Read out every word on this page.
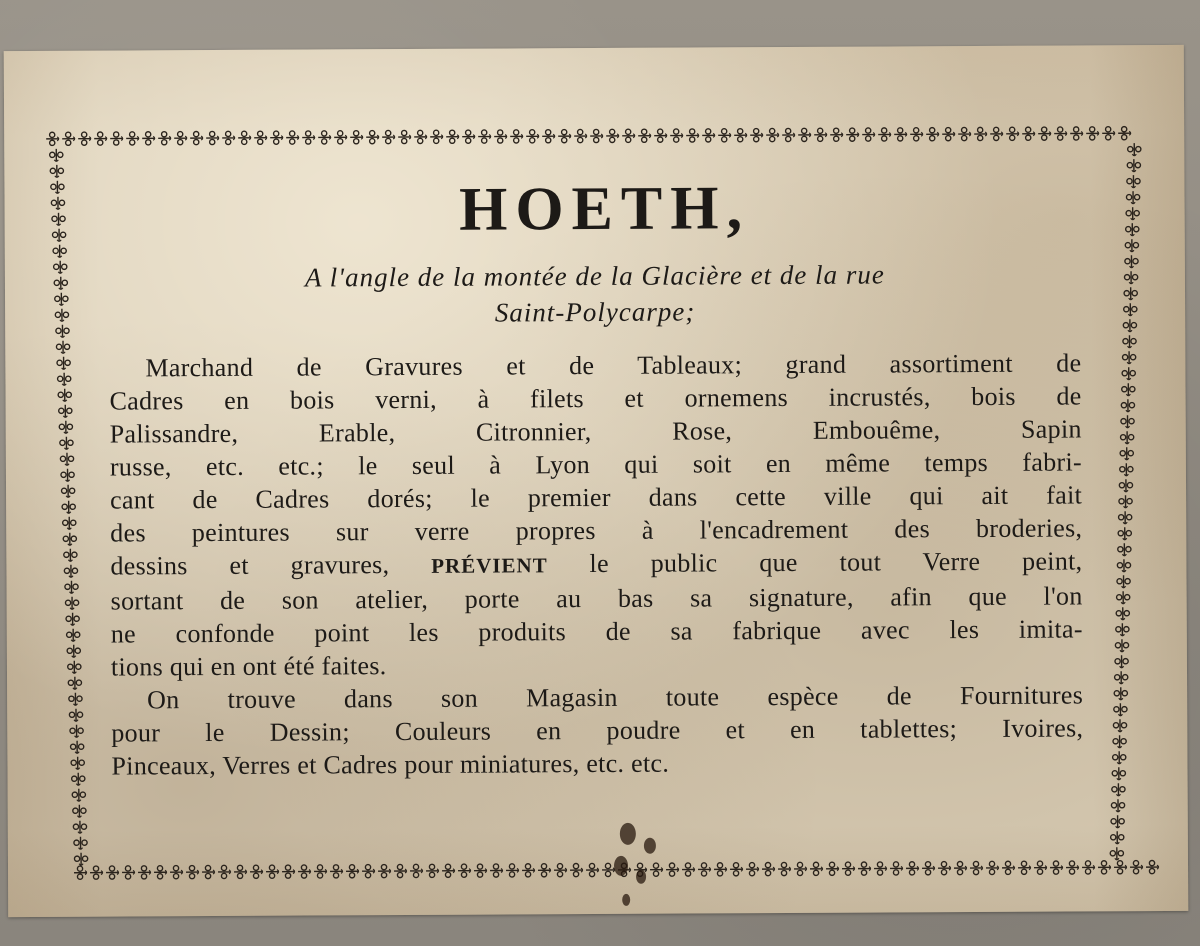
HOETH,
A l'angle de la montée de la Glacière et de la rue
Saint-Polycarpe;

Marchand de Gravures et de Tableaux; grand assortiment de
Cadres en bois verni, à filets et ornemens incrustés, bois de
Palissandre, Erable, Citronnier, Rose, Embouême, Sapin
russe, etc. etc.; le seul à Lyon qui soit en même temps fabri-
cant de Cadres dorés; le premier dans cette ville qui ait fait
des peintures sur verre propres à l'encadrement des broderies,
dessins et gravures, PRÉVIENT le public que tout Verre peint,
sortant de son atelier, porte au bas sa signature, afin que l'on
ne confonde point les produits de sa fabrique avec les imita-
tions qui en ont été faites.

On trouve dans son Magasin toute espèce de Fournitures
pour le Dessin; Couleurs en poudre et en tablettes; Ivoires,
Pinceaux, Verres et Cadres pour miniatures, etc. etc.
